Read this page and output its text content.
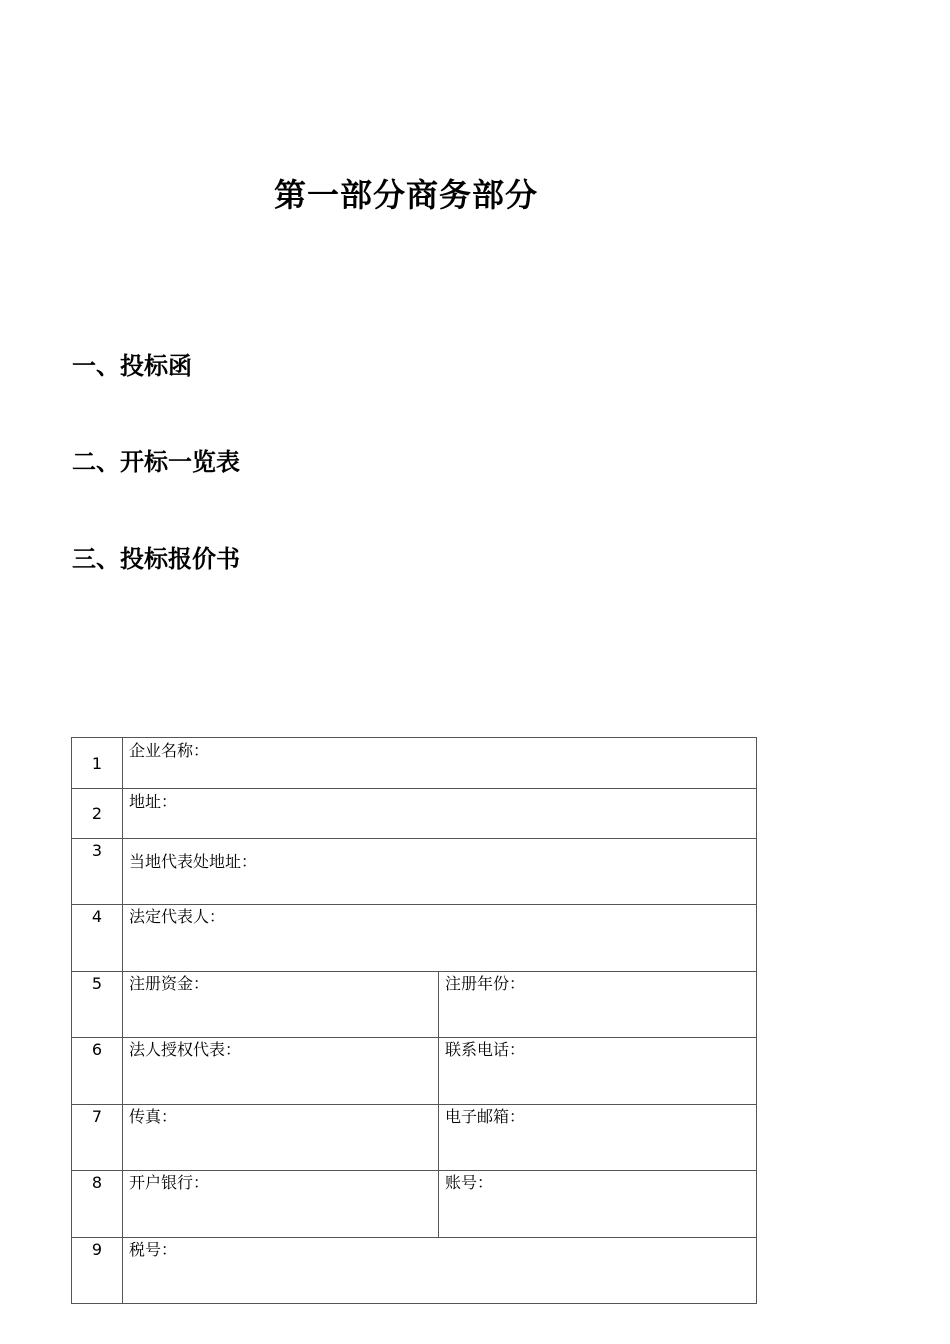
第一部分商务部分
一、投标函
二、开标一览表
三、投标报价书
1	企业名称：	

2	地址：	

3	当地代表处地址：	

4	法定代表人：	

5	注册资金：	注册年份：

6	法人授权代表：	联系电话：

7	传真：	电子邮箱：

8	开户银行：	账号：

9	税号：	
